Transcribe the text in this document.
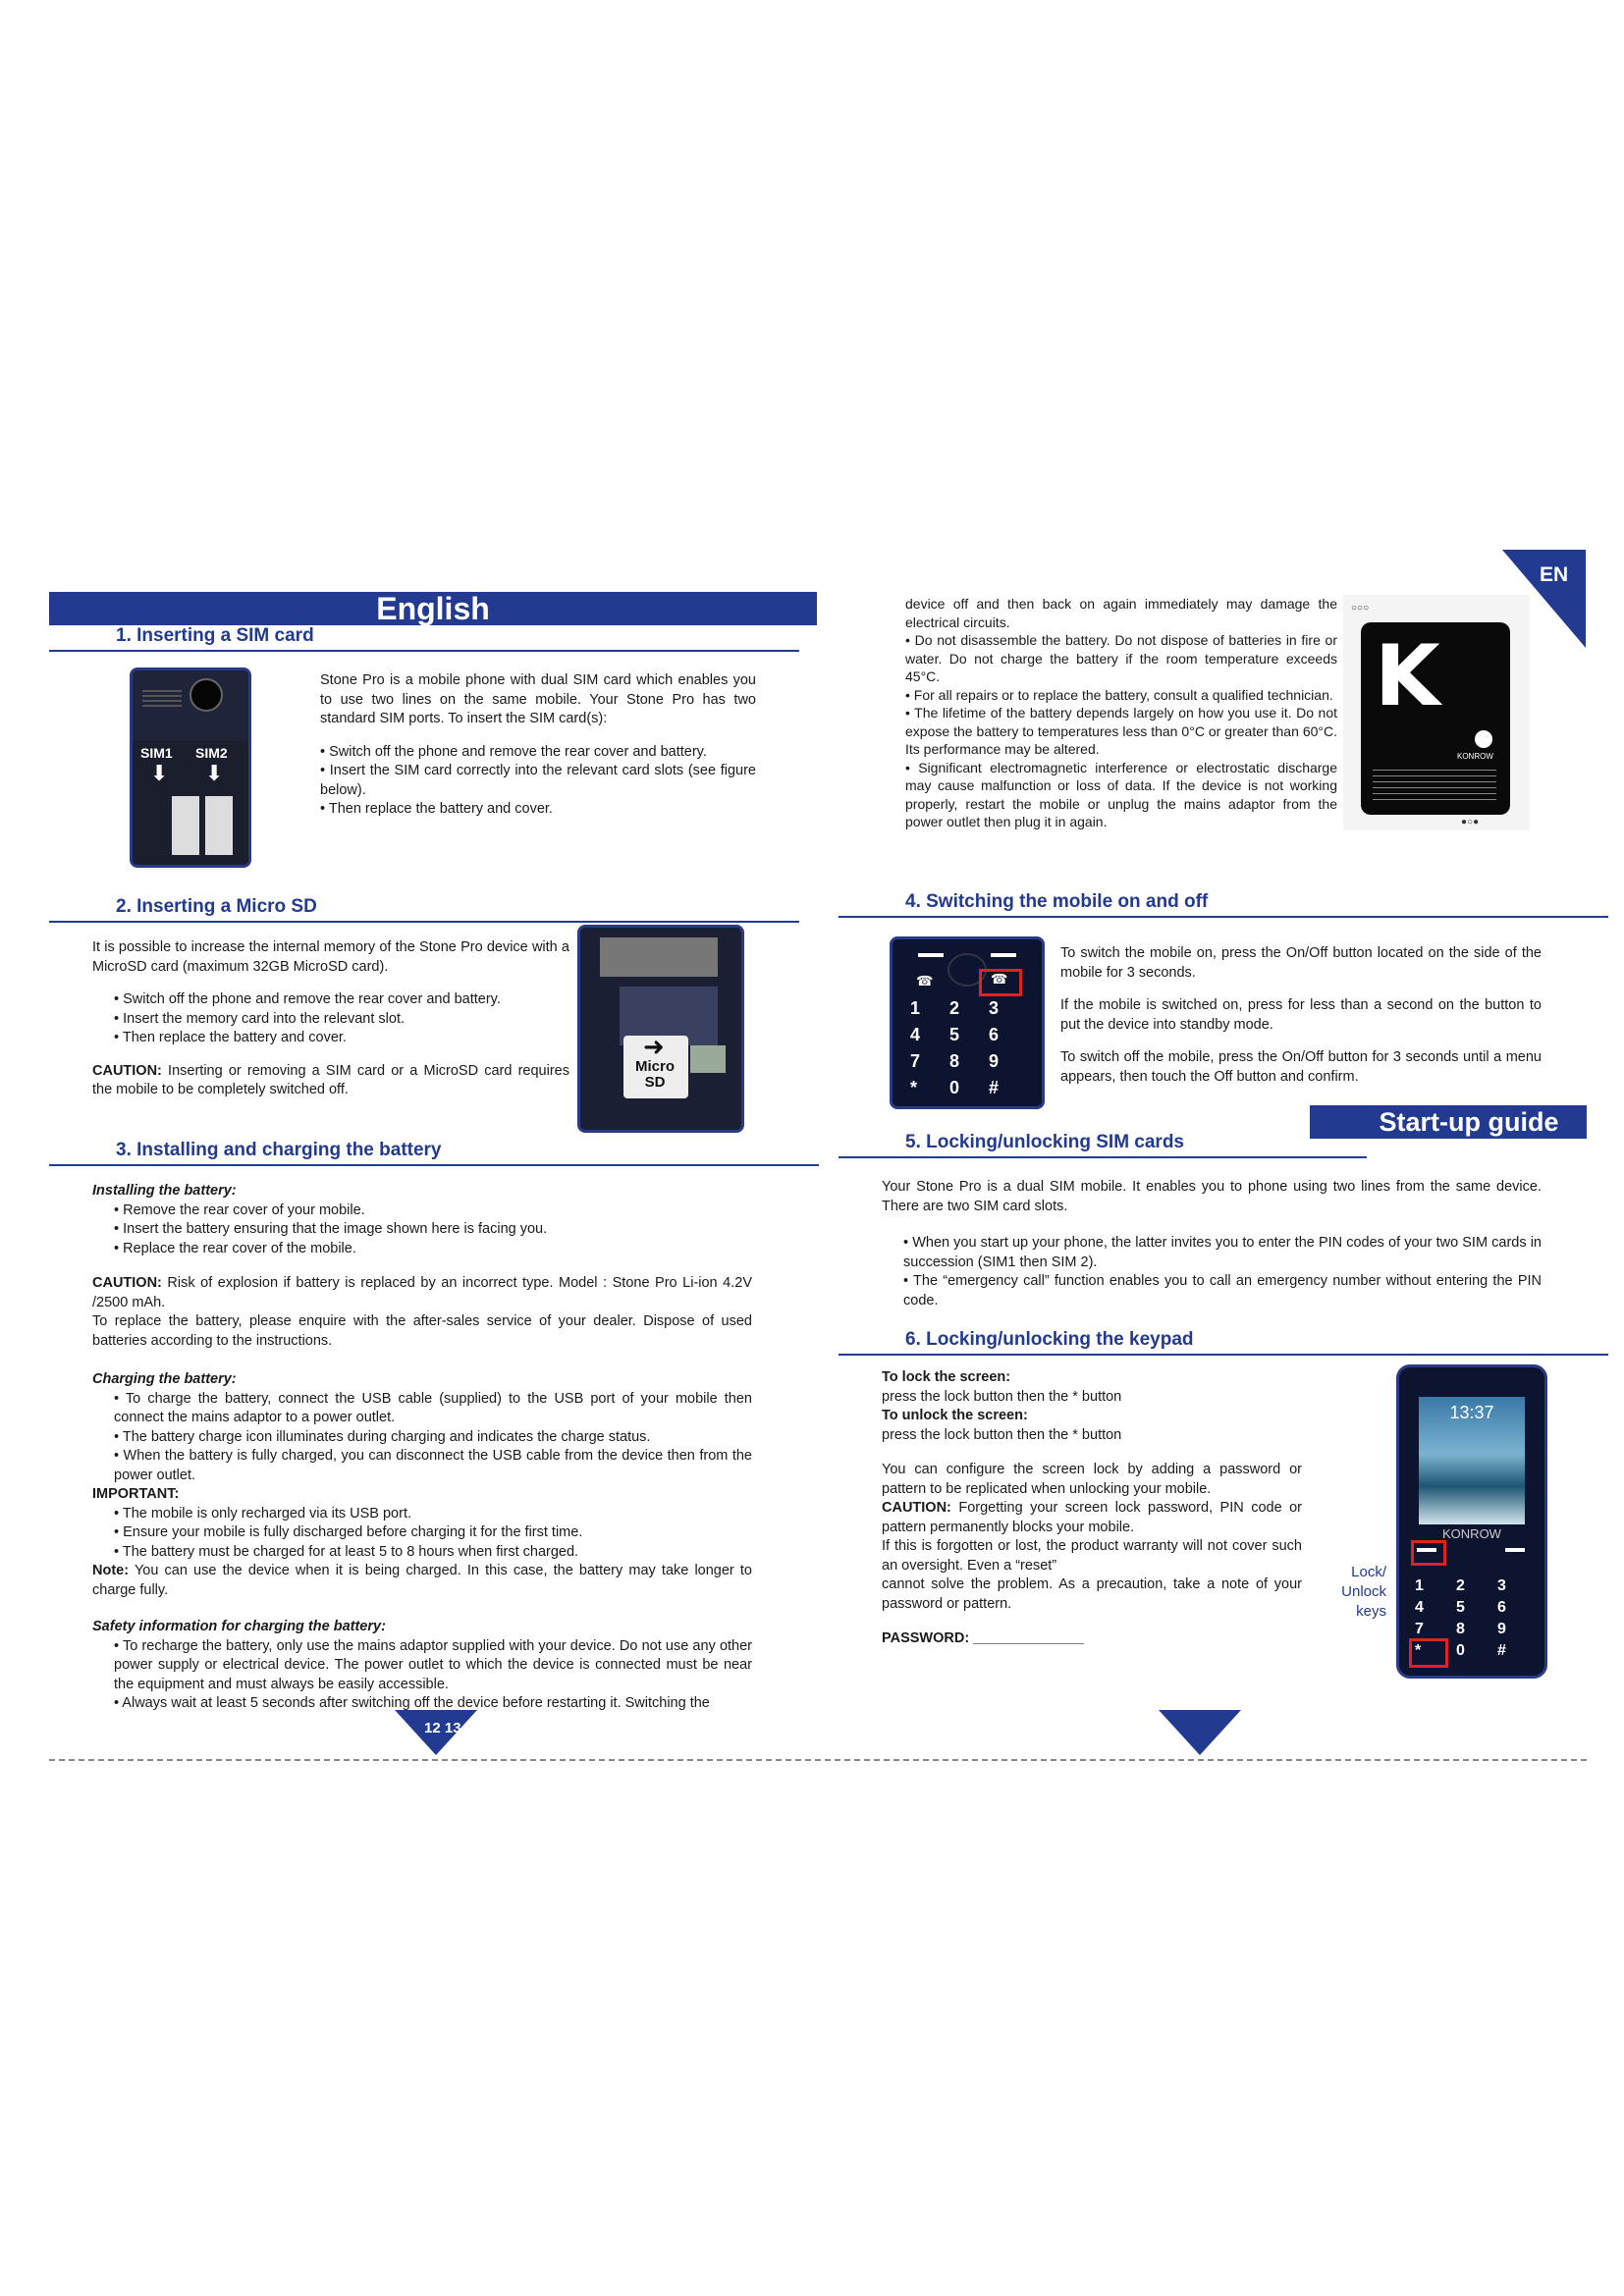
EN
English
1. Inserting a SIM card
SIM1 SIM2
⬇ ⬇

Stone Pro is a mobile phone with dual SIM card which enables you to use two lines on the same mobile. Your Stone Pro has two standard SIM ports. To insert the SIM card(s):

• Switch off the phone and remove the rear cover and battery.

• Insert the SIM card correctly into the relevant card slots (see figure below).

• Then replace the battery and cover.

2. Inserting a Micro SD
➜
Micro SD

It is possible to increase the internal memory of the Stone Pro device with a MicroSD card (maximum 32GB MicroSD card).

• Switch off the phone and remove the rear cover and battery.

• Insert the memory card into the relevant slot.

• Then replace the battery and cover.

CAUTION: Inserting or removing a SIM card or a MicroSD card requires the mobile to be completely switched off.

3. Installing and charging the battery

Installing the battery:

• Remove the rear cover of your mobile.

• Insert the battery ensuring that the image shown here is facing you.

• Replace the rear cover of the mobile.

CAUTION: Risk of explosion if battery is replaced by an incorrect type. Model : Stone Pro Li-ion 4.2V /2500 mAh.

To replace the battery, please enquire with the after-sales service of your dealer. Dispose of used batteries according to the instructions.

Charging the battery:

• To charge the battery, connect the USB cable (supplied) to the USB port of your mobile then connect the mains adaptor to a power outlet.

• The battery charge icon illuminates during charging and indicates the charge status.

• When the battery is fully charged, you can disconnect the USB cable from the device then from the power outlet.

IMPORTANT:

• The mobile is only recharged via its USB port.

• Ensure your mobile is fully discharged before charging it for the first time.

• The battery must be charged for at least 5 to 8 hours when first charged.

Note: You can use the device when it is being charged. In this case, the battery may take longer to charge fully.

Safety information for charging the battery:

• To recharge the battery, only use the mains adaptor supplied with your device. Do not use any other power supply or electrical device. The power outlet to which the device is connected must be near the equipment and must always be easily accessible.

• Always wait at least 5 seconds after switching off the device before restarting it. Switching the

12 13

device off and then back on again immediately may damage the electrical circuits.

• Do not disassemble the battery. Do not dispose of batteries in fire or water. Do not charge the battery if the room temperature exceeds 45°C.

• For all repairs or to replace the battery, consult a qualified technician.

• The lifetime of the battery depends largely on how you use it. Do not expose the battery to temperatures less than 0°C or greater than 60°C. Its performance may be altered.

• Significant electromagnetic interference or electrostatic discharge may cause malfunction or loss of data. If the device is not working properly, restart the mobile or unplug the mains adaptor from the power outlet then plug it in again.

K
KONROW
○○○
●○●
4. Switching the mobile on and off
☎	☎
1	2	3
4	5	6
7	8	9
*	0	#

To switch the mobile on, press the On/Off button located on the side of the mobile for 3 seconds.

If the mobile is switched on, press for less than a second on the button to put the device into standby mode.

To switch off the mobile, press the On/Off button for 3 seconds until a menu appears, then touch the Off button and confirm.

Start-up guide
5. Locking/unlocking SIM cards

Your Stone Pro is a dual SIM mobile. It enables you to phone using two lines from the same device. There are two SIM card slots.

• When you start up your phone, the latter invites you to enter the PIN codes of your two SIM cards in succession (SIM1 then SIM 2).

• The “emergency call” function enables you to call an emergency number without entering the PIN code.

6. Locking/unlocking the keypad

To lock the screen:

press the lock button then the * button

To unlock the screen:

press the lock button then the * button

You can configure the screen lock by adding a password or pattern to be replicated when unlocking your mobile.

CAUTION: Forgetting your screen lock password, PIN code or pattern permanently blocks your mobile.

If this is forgotten or lost, the product warranty will not cover such an oversight. Even a “reset”

cannot solve the problem. As a precaution, take a note of your password or pattern.

PASSWORD: ______________

Lock/ Unlock keys
13:37
KONROW
1	2	3
4	5	6
7	8	9
*	0	#
